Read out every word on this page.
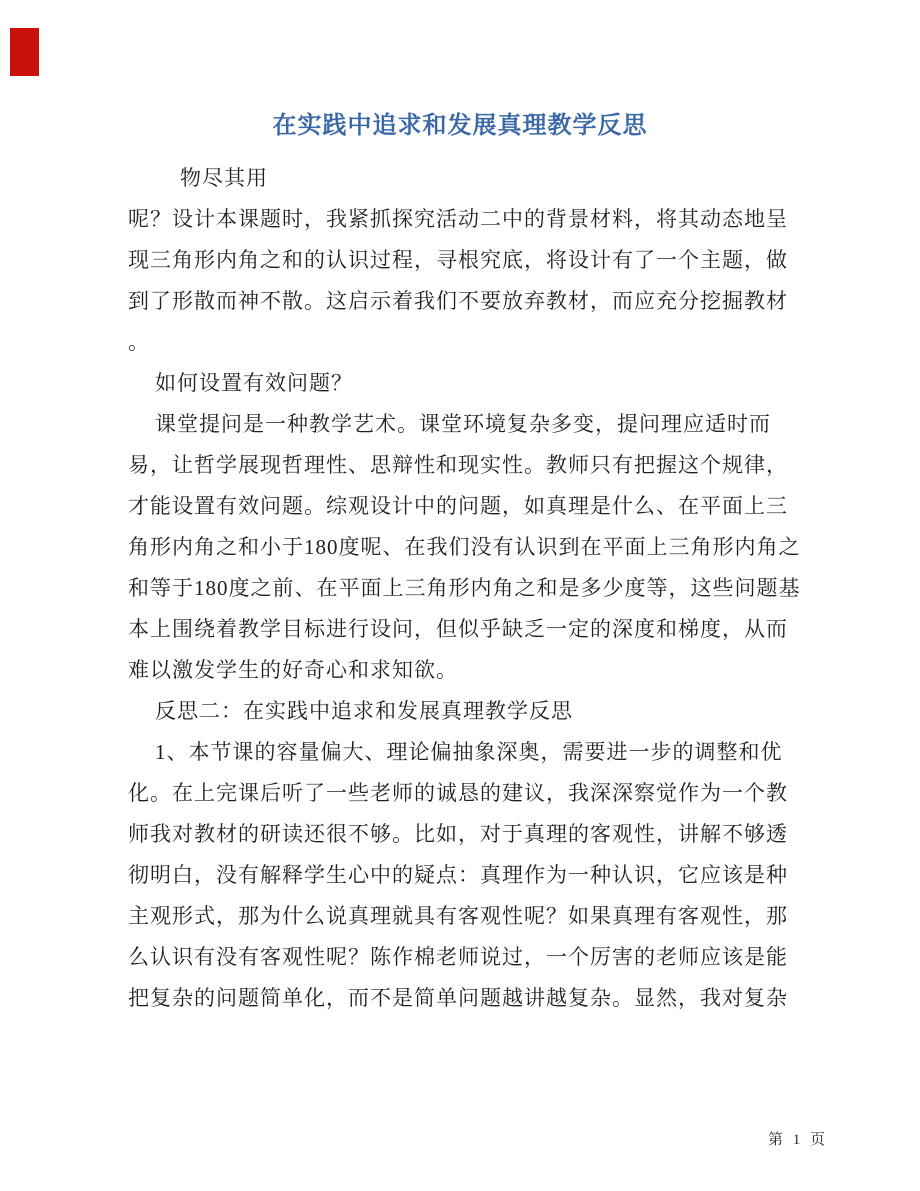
在实践中追求和发展真理教学反思
物尽其用
呢？设计本课题时，我紧抓探究活动二中的背景材料，将其动态地呈
现三角形内角之和的认识过程，寻根究底，将设计有了一个主题，做
到了形散而神不散。这启示着我们不要放弃教材，而应充分挖掘教材
。
如何设置有效问题？
课堂提问是一种教学艺术。课堂环境复杂多变，提问理应适时而
易，让哲学展现哲理性、思辩性和现实性。教师只有把握这个规律，
才能设置有效问题。综观设计中的问题，如真理是什么、在平面上三
角形内角之和小于180度呢、在我们没有认识到在平面上三角形内角之
和等于180度之前、在平面上三角形内角之和是多少度等，这些问题基
本上围绕着教学目标进行设问，但似乎缺乏一定的深度和梯度，从而
难以激发学生的好奇心和求知欲。
反思二：在实践中追求和发展真理教学反思
1、本节课的容量偏大、理论偏抽象深奥，需要进一步的调整和优
化。在上完课后听了一些老师的诚恳的建议，我深深察觉作为一个教
师我对教材的研读还很不够。比如，对于真理的客观性，讲解不够透
彻明白，没有解释学生心中的疑点：真理作为一种认识，它应该是种
主观形式，那为什么说真理就具有客观性呢？如果真理有客观性，那
么认识有没有客观性呢？陈作棉老师说过，一个厉害的老师应该是能
把复杂的问题简单化，而不是简单问题越讲越复杂。显然，我对复杂
第 1 页
